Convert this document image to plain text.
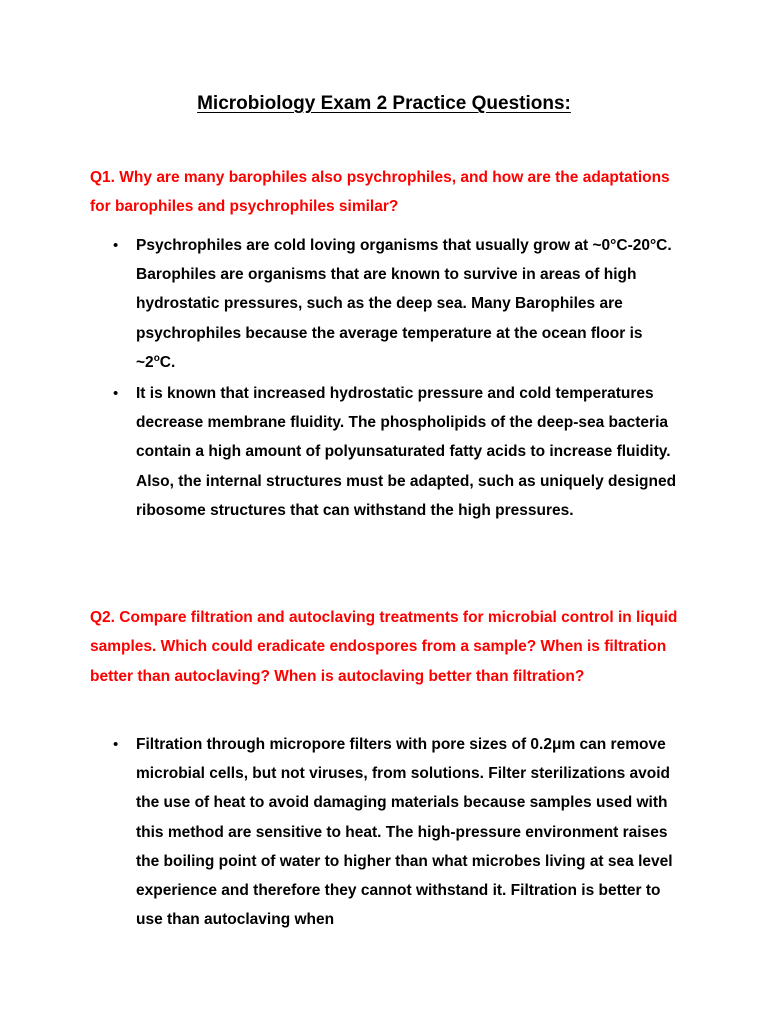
Microbiology Exam 2 Practice Questions:

Q1. Why are many barophiles also psychrophiles, and how are the adaptations for barophiles and psychrophiles similar?

• Psychrophiles are cold loving organisms that usually grow at ~0°C-20°C. Barophiles are organisms that are known to survive in areas of high hydrostatic pressures, such as the deep sea. Many Barophiles are psychrophiles because the average temperature at the ocean floor is ~2$^o$C.
• It is known that increased hydrostatic pressure and cold temperatures decrease membrane fluidity. The phospholipids of the deep-sea bacteria contain a high amount of polyunsaturated fatty acids to increase fluidity. Also, the internal structures must be adapted, such as uniquely designed ribosome structures that can withstand the high pressures.

Q2. Compare filtration and autoclaving treatments for microbial control in liquid samples. Which could eradicate endospores from a sample? When is filtration better than autoclaving? When is autoclaving better than filtration?

• Filtration through micropore filters with pore sizes of 0.2μm can remove microbial cells, but not viruses, from solutions. Filter sterilizations avoid the use of heat to avoid damaging materials because samples used with this method are sensitive to heat. The high-pressure environment raises the boiling point of water to higher than what microbes living at sea level experience and therefore they cannot withstand it. Filtration is better to use than autoclaving when
